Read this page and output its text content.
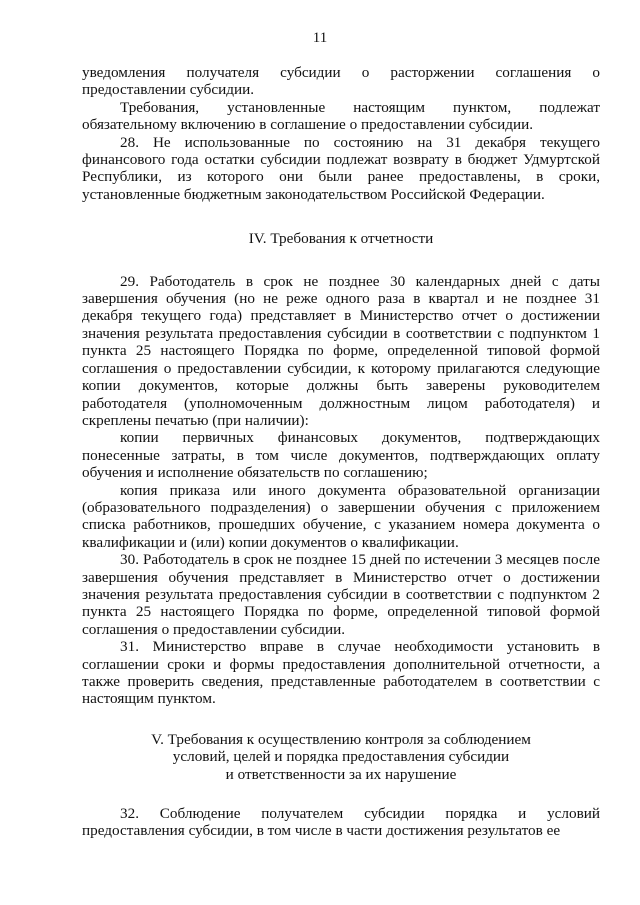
11

уведомления получателя субсидии о расторжении соглашения о предоставлении субсидии.

Требования, установленные настоящим пунктом, подлежат обязательному включению в соглашение о предоставлении субсидии.

28. Не использованные по состоянию на 31 декабря текущего финансового года остатки субсидии подлежат возврату в бюджет Удмуртской Республики, из которого они были ранее предоставлены, в сроки, установленные бюджетным законодательством Российской Федерации.

IV. Требования к отчетности

29. Работодатель в срок не позднее 30 календарных дней с даты завершения обучения (но не реже одного раза в квартал и не позднее 31 декабря текущего года) представляет в Министерство отчет о достижении значения результата предоставления субсидии в соответствии с подпунктом 1 пункта 25 настоящего Порядка по форме, определенной типовой формой соглашения о предоставлении субсидии, к которому прилагаются следующие копии документов, которые должны быть заверены руководителем работодателя (уполномоченным должностным лицом работодателя) и скреплены печатью (при наличии):

копии первичных финансовых документов, подтверждающих понесенные затраты, в том числе документов, подтверждающих оплату обучения и исполнение обязательств по соглашению;

копия приказа или иного документа образовательной организации (образовательного подразделения) о завершении обучения с приложением списка работников, прошедших обучение, с указанием номера документа о квалификации и (или) копии документов о квалификации.

30. Работодатель в срок не позднее 15 дней по истечении 3 месяцев после завершения обучения представляет в Министерство отчет о достижении значения результата предоставления субсидии в соответствии с подпунктом 2 пункта 25 настоящего Порядка по форме, определенной типовой формой соглашения о предоставлении субсидии.

31. Министерство вправе в случае необходимости установить в соглашении сроки и формы предоставления дополнительной отчетности, а также проверить сведения, представленные работодателем в соответствии с настоящим пунктом.

V. Требования к осуществлению контроля за соблюдением
условий, целей и порядка предоставления субсидии
и ответственности за их нарушение

32. Соблюдение получателем субсидии порядка и условий предоставления субсидии, в том числе в части достижения результатов ее
